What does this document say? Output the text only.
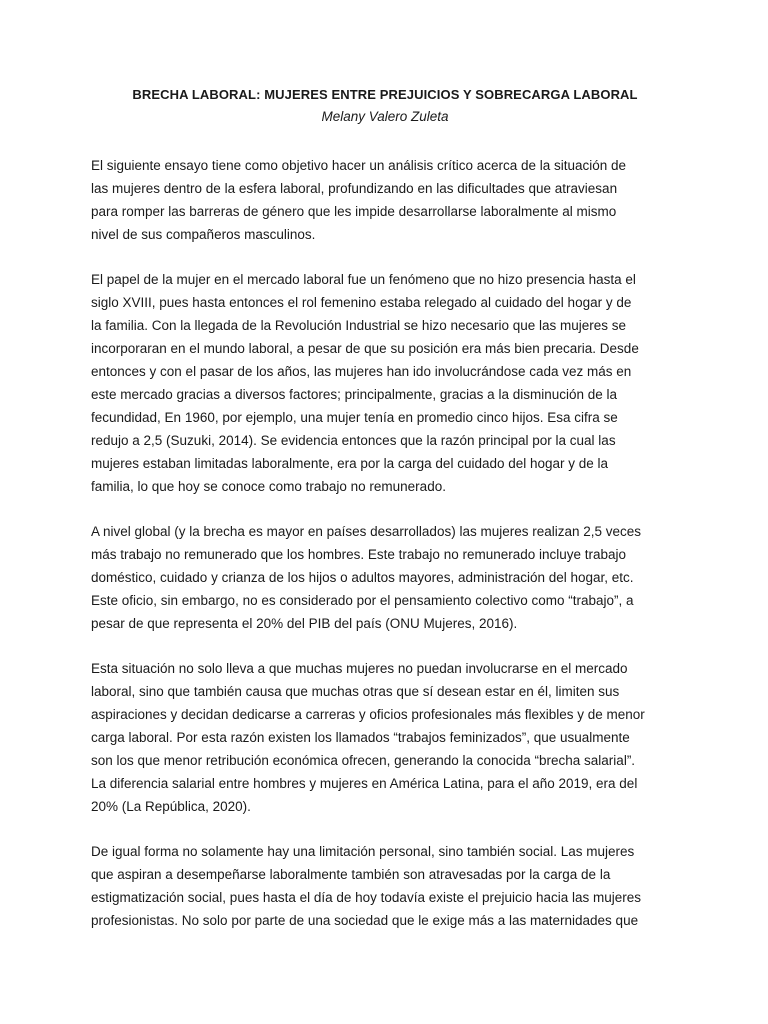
BRECHA LABORAL: MUJERES ENTRE PREJUICIOS Y SOBRECARGA LABORAL

Melany Valero Zuleta

El siguiente ensayo tiene como objetivo hacer un análisis crítico acerca de la situación de
las mujeres dentro de la esfera laboral, profundizando en las dificultades que atraviesan
para romper las barreras de género que les impide desarrollarse laboralmente al mismo
nivel de sus compañeros masculinos.

El papel de la mujer en el mercado laboral fue un fenómeno que no hizo presencia hasta el
siglo XVIII, pues hasta entonces el rol femenino estaba relegado al cuidado del hogar y de
la familia. Con la llegada de la Revolución Industrial se hizo necesario que las mujeres se
incorporaran en el mundo laboral, a pesar de que su posición era más bien precaria. Desde
entonces y con el pasar de los años, las mujeres han ido involucrándose cada vez más en
este mercado gracias a diversos factores; principalmente, gracias a la disminución de la
fecundidad, En 1960, por ejemplo, una mujer tenía en promedio cinco hijos. Esa cifra se
redujo a 2,5 (Suzuki, 2014). Se evidencia entonces que la razón principal por la cual las
mujeres estaban limitadas laboralmente, era por la carga del cuidado del hogar y de la
familia, lo que hoy se conoce como trabajo no remunerado.

A nivel global (y la brecha es mayor en países desarrollados) las mujeres realizan 2,5 veces
más trabajo no remunerado que los hombres. Este trabajo no remunerado incluye trabajo
doméstico, cuidado y crianza de los hijos o adultos mayores, administración del hogar, etc.
Este oficio, sin embargo, no es considerado por el pensamiento colectivo como “trabajo”, a
pesar de que representa el 20% del PIB del país (ONU Mujeres, 2016).

Esta situación no solo lleva a que muchas mujeres no puedan involucrarse en el mercado
laboral, sino que también causa que muchas otras que sí desean estar en él, limiten sus
aspiraciones y decidan dedicarse a carreras y oficios profesionales más flexibles y de menor
carga laboral. Por esta razón existen los llamados “trabajos feminizados”, que usualmente
son los que menor retribución económica ofrecen, generando la conocida “brecha salarial”.
La diferencia salarial entre hombres y mujeres en América Latina, para el año 2019, era del
20% (La República, 2020).

De igual forma no solamente hay una limitación personal, sino también social. Las mujeres
que aspiran a desempeñarse laboralmente también son atravesadas por la carga de la
estigmatización social, pues hasta el día de hoy todavía existe el prejuicio hacia las mujeres
profesionistas. No solo por parte de una sociedad que le exige más a las maternidades que
